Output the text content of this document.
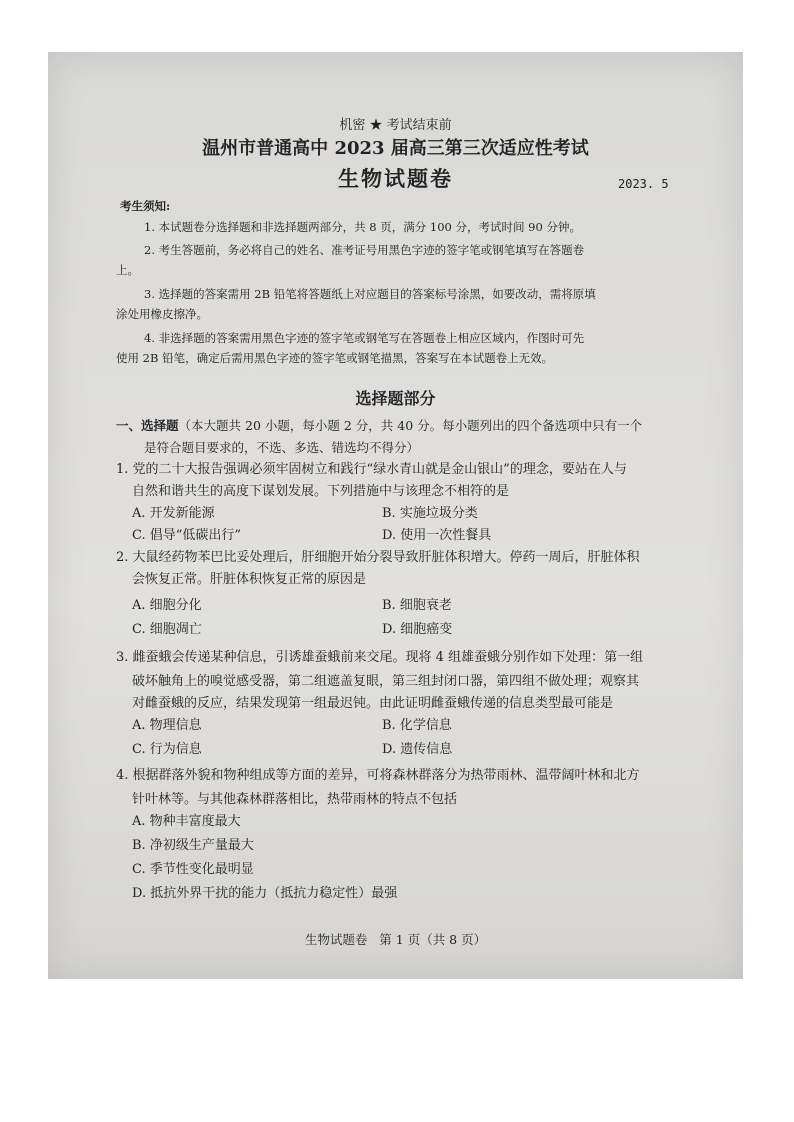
机密 ★ 考试结束前
温州市普通高中 2023 届高三第三次适应性考试
生物试题卷	2023. 5
考生须知:
1. 本试题卷分选择题和非选择题两部分，共 8 页，满分 100 分，考试时间 90 分钟。
2. 考生答题前，务必将自己的姓名、准考证号用黑色字迹的签字笔或钢笔填写在答题卷
上。
3. 选择题的答案需用 2B 铅笔将答题纸上对应题目的答案标号涂黑，如要改动，需将原填
涂处用橡皮擦净。
4. 非选择题的答案需用黑色字迹的签字笔或钢笔写在答题卷上相应区域内，作图时可先
使用 2B 铅笔，确定后需用黑色字迹的签字笔或钢笔描黑，答案写在本试题卷上无效。
选择题部分
一、选择题（本大题共 20 小题，每小题 2 分，共 40 分。每小题列出的四个备选项中只有一个
是符合题目要求的，不选、多选、错选均不得分）
1. 党的二十大报告强调必须牢固树立和践行“绿水青山就是金山银山”的理念，要站在人与
自然和谐共生的高度下谋划发展。下列措施中与该理念不相符的是
A. 开发新能源	B. 实施垃圾分类
C. 倡导“低碳出行”	D. 使用一次性餐具
2. 大鼠经药物苯巴比妥处理后，肝细胞开始分裂导致肝脏体积增大。停药一周后，肝脏体积
会恢复正常。肝脏体积恢复正常的原因是
A. 细胞分化	B. 细胞衰老
C. 细胞凋亡	D. 细胞癌变
3. 雌蚕蛾会传递某种信息，引诱雄蚕蛾前来交尾。现将 4 组雄蚕蛾分别作如下处理：第一组
破坏触角上的嗅觉感受器，第二组遮盖复眼，第三组封闭口器，第四组不做处理；观察其
对雌蚕蛾的反应，结果发现第一组最迟钝。由此证明雌蚕蛾传递的信息类型最可能是
A. 物理信息	B. 化学信息
C. 行为信息	D. 遗传信息
4. 根据群落外貌和物种组成等方面的差异，可将森林群落分为热带雨林、温带阔叶林和北方
针叶林等。与其他森林群落相比，热带雨林的特点不包括
A. 物种丰富度最大
B. 净初级生产量最大
C. 季节性变化最明显
D. 抵抗外界干扰的能力（抵抗力稳定性）最强
生物试题卷   第 1 页（共 8 页）
